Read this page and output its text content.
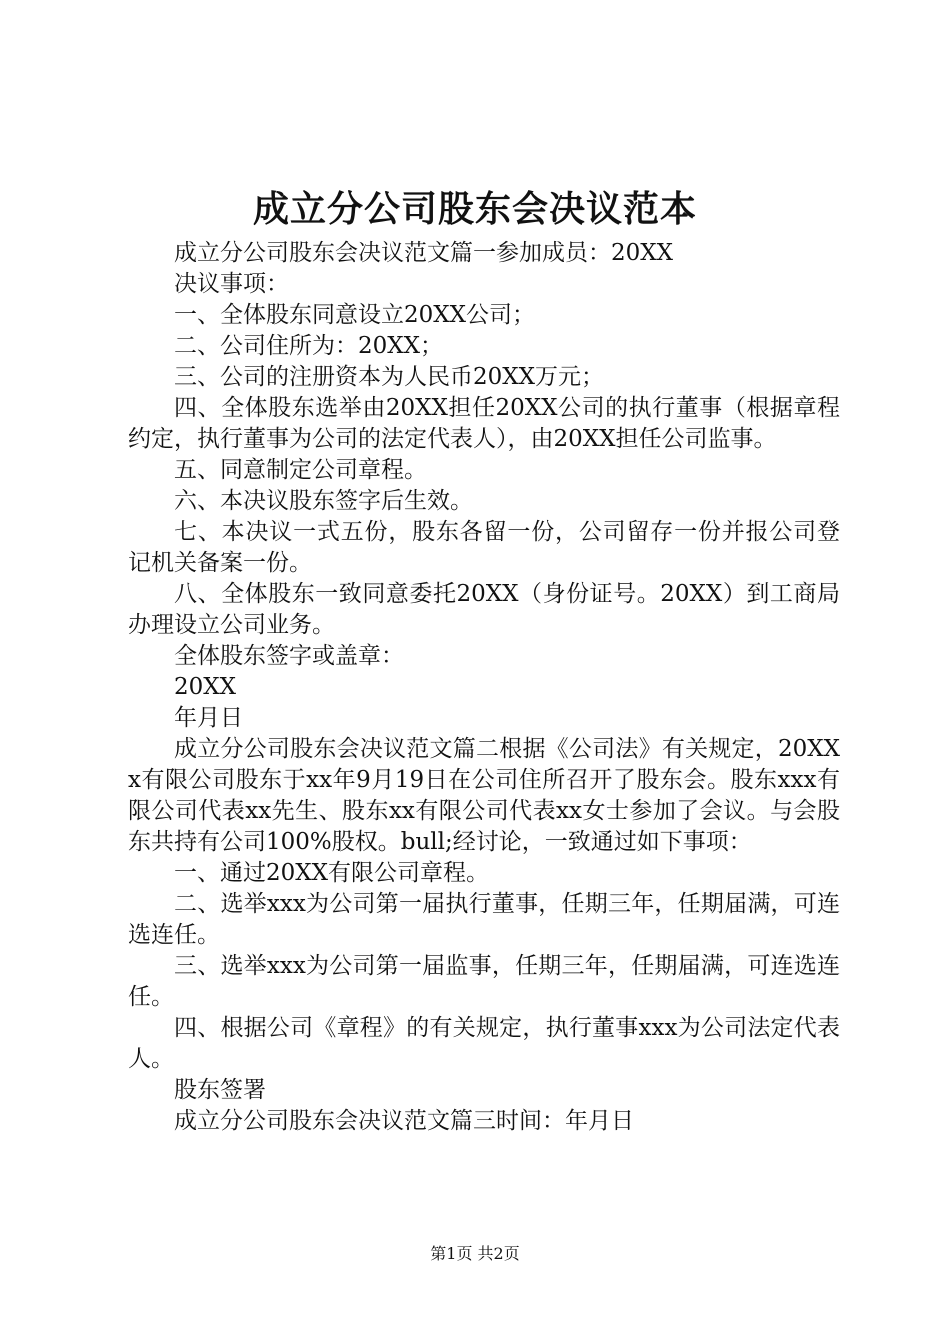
成立分公司股东会决议范本

成立分公司股东会决议范文篇一参加成员：20XX

决议事项：

一、全体股东同意设立20XX公司；

二、公司住所为：20XX；

三、公司的注册资本为人民币20XX万元；

四、全体股东选举由20XX担任20XX公司的执行董事（根据章程约定，执行董事为公司的法定代表人），由20XX担任公司监事。

五、同意制定公司章程。

六、本决议股东签字后生效。

七、本决议一式五份，股东各留一份，公司留存一份并报公司登记机关备案一份。

八、全体股东一致同意委托20XX（身份证号。20XX）到工商局办理设立公司业务。

全体股东签字或盖章：

20XX

年月日

成立分公司股东会决议范文篇二根据《公司法》有关规定，20XXx有限公司股东于xx年9月19日在公司住所召开了股东会。股东xxx有限公司代表xx先生、股东xx有限公司代表xx女士参加了会议。与会股东共持有公司100%股权。bull;经讨论，一致通过如下事项：

一、通过20XX有限公司章程。

二、选举xxx为公司第一届执行董事，任期三年，任期届满，可连选连任。

三、选举xxx为公司第一届监事，任期三年，任期届满，可连选连任。

四、根据公司《章程》的有关规定，执行董事xxx为公司法定代表人。

股东签署

成立分公司股东会决议范文篇三时间：年月日

第1页 共2页
